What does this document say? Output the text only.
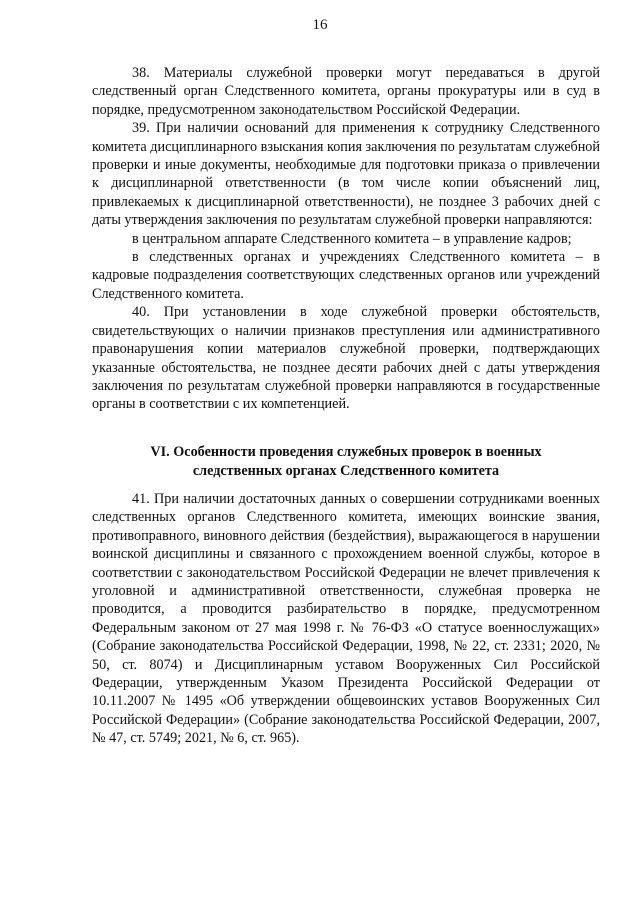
16

38. Материалы служебной проверки могут передаваться в другой следственный орган Следственного комитета, органы прокуратуры или в суд в порядке, предусмотренном законодательством Российской Федерации.

39. При наличии оснований для применения к сотруднику Следственного комитета дисциплинарного взыскания копия заключения по результатам служебной проверки и иные документы, необходимые для подготовки приказа о привлечении к дисциплинарной ответственности (в том числе копии объяснений лиц, привлекаемых к дисциплинарной ответственности), не позднее 3 рабочих дней с даты утверждения заключения по результатам служебной проверки направляются:

в центральном аппарате Следственного комитета – в управление кадров;

в следственных органах и учреждениях Следственного комитета – в кадровые подразделения соответствующих следственных органов или учреждений Следственного комитета.

40. При установлении в ходе служебной проверки обстоятельств, свидетельствующих о наличии признаков преступления или административного правонарушения копии материалов служебной проверки, подтверждающих указанные обстоятельства, не позднее десяти рабочих дней с даты утверждения заключения по результатам служебной проверки направляются в государственные органы в соответствии с их компетенцией.

VI. Особенности проведения служебных проверок в военных
следственных органах Следственного комитета

41. При наличии достаточных данных о совершении сотрудниками военных следственных органов Следственного комитета, имеющих воинские звания, противоправного, виновного действия (бездействия), выражающегося в нарушении воинской дисциплины и связанного с прохождением военной службы, которое в соответствии с законодательством Российской Федерации не влечет привлечения к уголовной и административной ответственности, служебная проверка не проводится, а проводится разбирательство в порядке, предусмотренном Федеральным законом от 27 мая 1998 г. № 76-ФЗ «О статусе военнослужащих» (Собрание законодательства Российской Федерации, 1998, № 22, ст. 2331; 2020, № 50, ст. 8074) и Дисциплинарным уставом Вооруженных Сил Российской Федерации, утвержденным Указом Президента Российской Федерации от 10.11.2007 № 1495 «Об утверждении общевоинских уставов Вооруженных Сил Российской Федерации» (Собрание законодательства Российской Федерации, 2007, № 47, ст. 5749; 2021, № 6, ст. 965).
